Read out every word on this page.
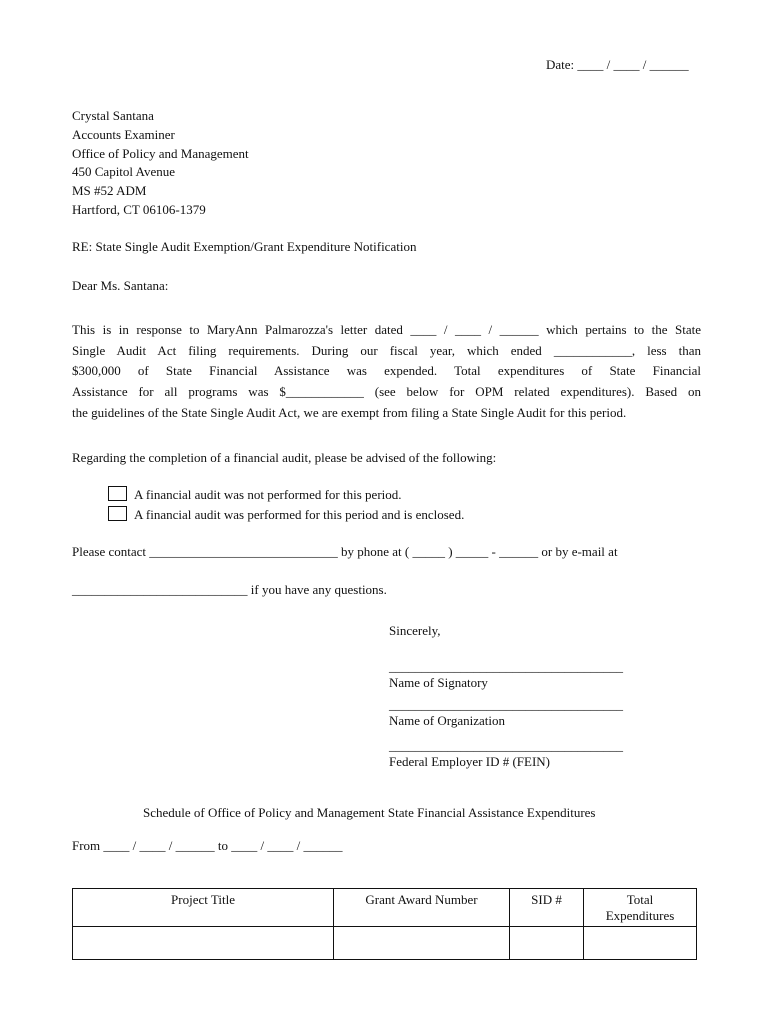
Date: ____ / ____ / ______
Crystal Santana
Accounts Examiner
Office of Policy and Management
450 Capitol Avenue
MS #52 ADM
Hartford, CT 06106-1379
RE: State Single Audit Exemption/Grant Expenditure Notification
Dear Ms. Santana:
This is in response to MaryAnn Palmarozza's letter dated ____ / ____ / ______ which pertains to the State
Single Audit Act filing requirements. During our fiscal year, which ended ____________, less than
$300,000 of State Financial Assistance was expended. Total expenditures of State Financial
Assistance for all programs was $____________ (see below for OPM related expenditures). Based on
the guidelines of the State Single Audit Act, we are exempt from filing a State Single Audit for this period.
Regarding the completion of a financial audit, please be advised of the following:
A financial audit was not performed for this period.
A financial audit was performed for this period and is enclosed.
Please contact _____________________________ by phone at ( _____ ) _____ - ______ or by e-mail at
___________________________ if you have any questions.
Sincerely,
____________________________________
Name of Signatory
____________________________________
Name of Organization
____________________________________
Federal Employer ID # (FEIN)
Schedule of Office of Policy and Management State Financial Assistance Expenditures
From ____ / ____ / ______ to ____ / ____ / ______
Project Title	Grant Award Number	SID #	Total Expenditures
